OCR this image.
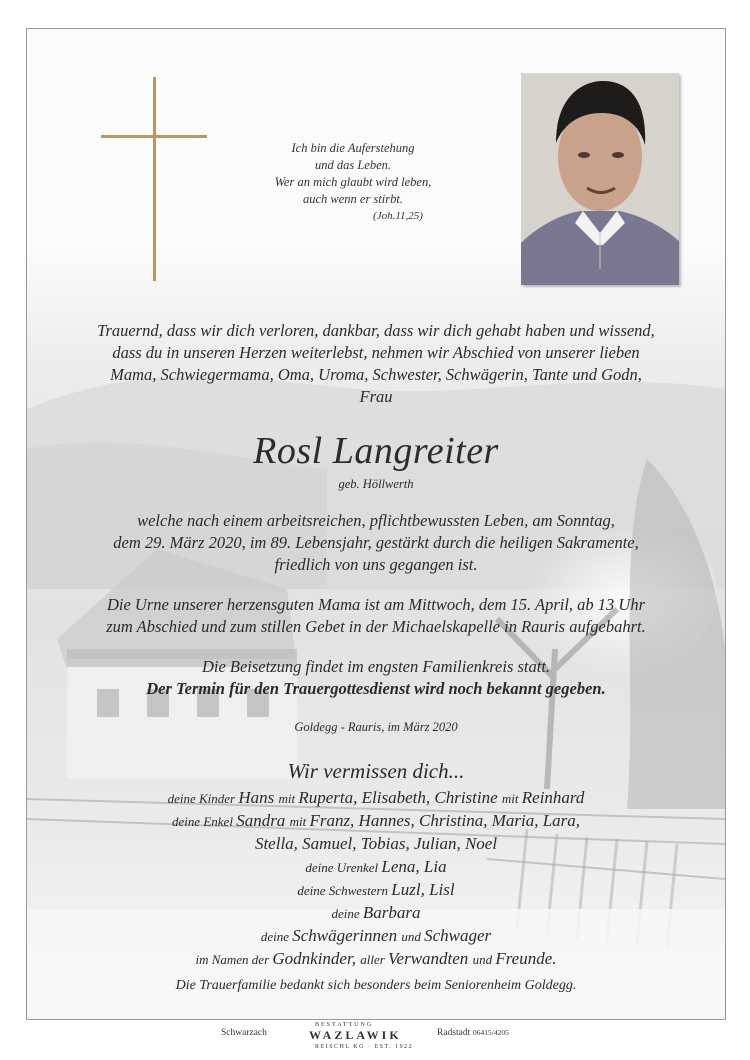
Ich bin die Auferstehung
und das Leben.
Wer an mich glaubt wird leben,
auch wenn er stirbt.
(Joh.11,25)
Trauernd, dass wir dich verloren, dankbar, dass wir dich gehabt haben und wissend,
dass du in unseren Herzen weiterlebst, nehmen wir Abschied von unserer lieben
Mama, Schwiegermama, Oma, Uroma, Schwester, Schwägerin, Tante und Godn,
Frau
Rosl Langreiter
geb. Höllwerth
welche nach einem arbeitsreichen, pflichtbewussten Leben, am Sonntag,
dem 29. März 2020, im 89. Lebensjahr, gestärkt durch die heiligen Sakramente,
friedlich von uns gegangen ist.
Die Urne unserer herzensguten Mama ist am Mittwoch, dem 15. April, ab 13 Uhr
zum Abschied und zum stillen Gebet in der Michaelskapelle in Rauris aufgebahrt.
Die Beisetzung findet im engsten Familienkreis statt.
Der Termin für den Trauergottesdienst wird noch bekannt gegeben.
Goldegg - Rauris, im März 2020
Wir vermissen dich...
deine Kinder Hans mit Ruperta, Elisabeth, Christine mit Reinhard
deine Enkel Sandra mit Franz, Hannes, Christina, Maria, Lara,
Stella, Samuel, Tobias, Julian, Noel
deine Urenkel Lena, Lia
deine Schwestern Luzl, Lisl
deine Barbara
deine Schwägerinnen und Schwager
im Namen der Godnkinder, aller Verwandten und Freunde.
Die Trauerfamilie bedankt sich besonders beim Seniorenheim Goldegg.
Schwarzach
BESTATTUNG
WAZLAWIK
REISCHL KG · EST. 1922
Radstadt 06415/4205
